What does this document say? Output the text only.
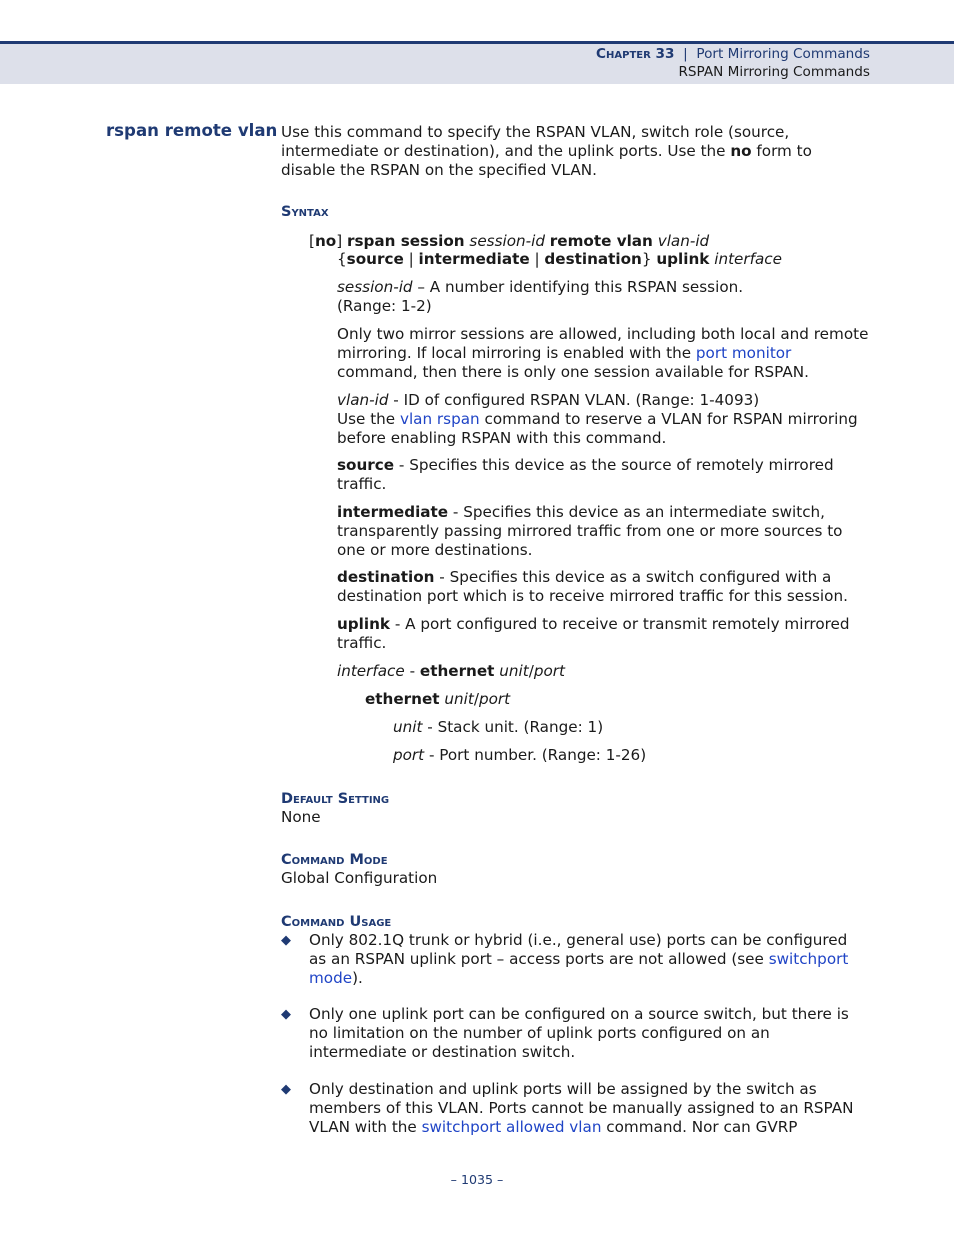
Chapter 33 | Port Mirroring Commands
RSPAN Mirroring Commands
rspan remote vlan Use this command to specify the RSPAN VLAN, switch role (source, intermediate or destination), and the uplink ports. Use the no form to disable the RSPAN on the specified VLAN.
Syntax
[no] rspan session session-id remote vlan vlan-id
{source | intermediate | destination} uplink interface
session-id – A number identifying this RSPAN session.
(Range: 1-2)
Only two mirror sessions are allowed, including both local and remote mirroring. If local mirroring is enabled with the port monitor command, then there is only one session available for RSPAN.
vlan-id - ID of configured RSPAN VLAN. (Range: 1-4093)
Use the vlan rspan command to reserve a VLAN for RSPAN mirroring before enabling RSPAN with this command.
source - Specifies this device as the source of remotely mirrored traffic.
intermediate - Specifies this device as an intermediate switch, transparently passing mirrored traffic from one or more sources to one or more destinations.
destination - Specifies this device as a switch configured with a destination port which is to receive mirrored traffic for this session.
uplink - A port configured to receive or transmit remotely mirrored traffic.
interface - ethernet unit/port
ethernet unit/port
unit - Stack unit. (Range: 1)
port - Port number. (Range: 1-26)
Default Setting
None
Command Mode
Global Configuration
Command Usage
◆ Only 802.1Q trunk or hybrid (i.e., general use) ports can be configured as an RSPAN uplink port – access ports are not allowed (see switchport mode).
◆ Only one uplink port can be configured on a source switch, but there is no limitation on the number of uplink ports configured on an intermediate or destination switch.
◆ Only destination and uplink ports will be assigned by the switch as members of this VLAN. Ports cannot be manually assigned to an RSPAN VLAN with the switchport allowed vlan command. Nor can GVRP
– 1035 –
